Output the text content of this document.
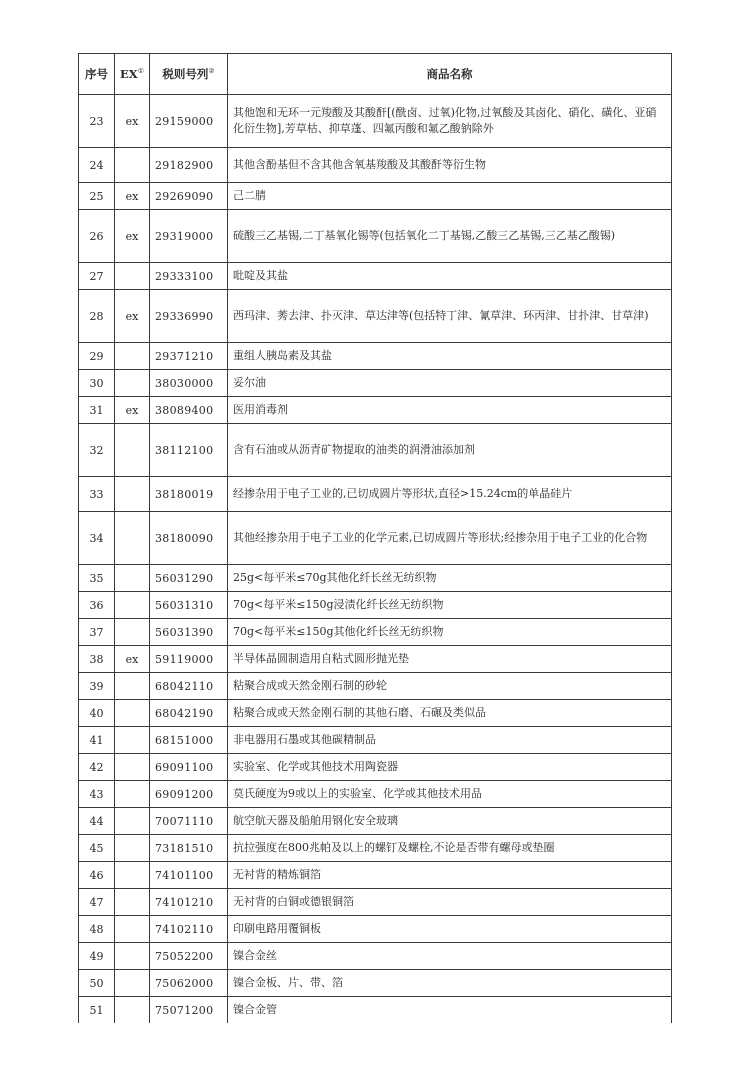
序号	EX①	税则号列②	商品名称
23	ex	29159000	其他饱和无环一元羧酸及其酸酐[(酰卤、过氧)化物,过氧酸及其卤化、硝化、磺化、亚硝化衍生物],芳草枯、抑草蓬、四氟丙酸和氟乙酸钠除外
24		29182900	其他含酚基但不含其他含氧基羧酸及其酸酐等衍生物
25	ex	29269090	己二腈
26	ex	29319000	硫酸三乙基锡,二丁基氧化锡等(包括氧化二丁基锡,乙酸三乙基锡,三乙基乙酸锡)
27		29333100	吡啶及其盐
28	ex	29336990	西玛津、莠去津、扑灭津、草达津等(包括特丁津、氰草津、环丙津、甘扑津、甘草津)
29		29371210	重组人胰岛素及其盐
30		38030000	妥尔油
31	ex	38089400	医用消毒剂
32		38112100	含有石油或从沥青矿物提取的油类的润滑油添加剂
33		38180019	经掺杂用于电子工业的,已切成圆片等形状,直径>15.24cm的单晶硅片
34		38180090	其他经掺杂用于电子工业的化学元素,已切成圆片等形状;经掺杂用于电子工业的化合物
35		56031290	25g<每平米≤70g其他化纤长丝无纺织物
36		56031310	70g<每平米≤150g浸渍化纤长丝无纺织物
37		56031390	70g<每平米≤150g其他化纤长丝无纺织物
38	ex	59119000	半导体晶圆制造用自粘式圆形抛光垫
39		68042110	粘聚合成或天然金刚石制的砂轮
40		68042190	粘聚合成或天然金刚石制的其他石磨、石碾及类似品
41		68151000	非电器用石墨或其他碳精制品
42		69091100	实验室、化学或其他技术用陶瓷器
43		69091200	莫氏硬度为9或以上的实验室、化学或其他技术用品
44		70071110	航空航天器及船舶用钢化安全玻璃
45		73181510	抗拉强度在800兆帕及以上的螺钉及螺栓,不论是否带有螺母或垫圈
46		74101100	无衬背的精炼铜箔
47		74101210	无衬背的白铜或德银铜箔
48		74102110	印刷电路用覆铜板
49		75052200	镍合金丝
50		75062000	镍合金板、片、带、箔
51		75071200	镍合金管
